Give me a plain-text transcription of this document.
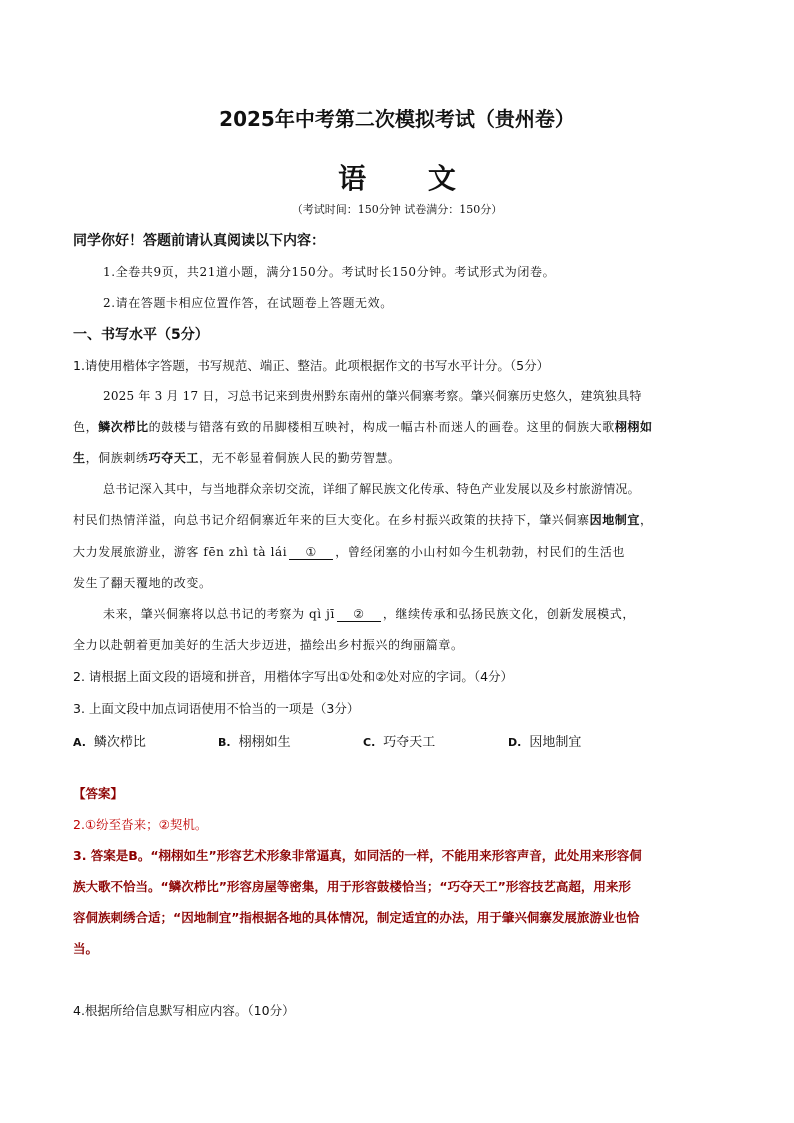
2025年中考第二次模拟考试（贵州卷）
语 文
（考试时间：150分钟 试卷满分：150分）
同学你好！答题前请认真阅读以下内容：
1.全卷共9页，共21道小题，满分150分。考试时长150分钟。考试形式为闭卷。
2.请在答题卡相应位置作答，在试题卷上答题无效。
一、书写水平（5分）
1.请使用楷体字答题，书写规范、端正、整洁。此项根据作文的书写水平计分。（5分）
2025 年 3 月 17 日，习总书记来到贵州黔东南州的肇兴侗寨考察。肇兴侗寨历史悠久，建筑独具特
色，鳞次栉比的鼓楼与错落有致的吊脚楼相互映衬，构成一幅古朴而迷人的画卷。这里的侗族大歌栩栩如
生，侗族刺绣巧夺天工，无不彰显着侗族人民的勤劳智慧。
总书记深入其中，与当地群众亲切交流，详细了解民族文化传承、特色产业发展以及乡村旅游情况。
村民们热情洋溢，向总书记介绍侗寨近年来的巨大变化。在乡村振兴政策的扶持下，肇兴侗寨因地制宜，
大力发展旅游业，游客 fēn zhì tà lái ① ，曾经闭塞的小山村如今生机勃勃，村民们的生活也
发生了翻天覆地的改变。
未来，肇兴侗寨将以总书记的考察为 qì jī ② ，继续传承和弘扬民族文化，创新发展模式，
全力以赴朝着更加美好的生活大步迈进，描绘出乡村振兴的绚丽篇章。
2. 请根据上面文段的语境和拼音，用楷体字写出①处和②处对应的字词。（4分）
3. 上面文段中加点词语使用不恰当的一项是（3分）
A. 鳞次栉比	B. 栩栩如生	C. 巧夺天工	D. 因地制宜
【答案】
2.①纷至沓来；②契机。
3. 答案是B。“栩栩如生”形容艺术形象非常逼真，如同活的一样，不能用来形容声音，此处用来形容侗
族大歌不恰当。“鳞次栉比”形容房屋等密集，用于形容鼓楼恰当；“巧夺天工”形容技艺高超，用来形
容侗族刺绣合适；“因地制宜”指根据各地的具体情况，制定适宜的办法，用于肇兴侗寨发展旅游业也恰
当。
4.根据所给信息默写相应内容。（10分）
